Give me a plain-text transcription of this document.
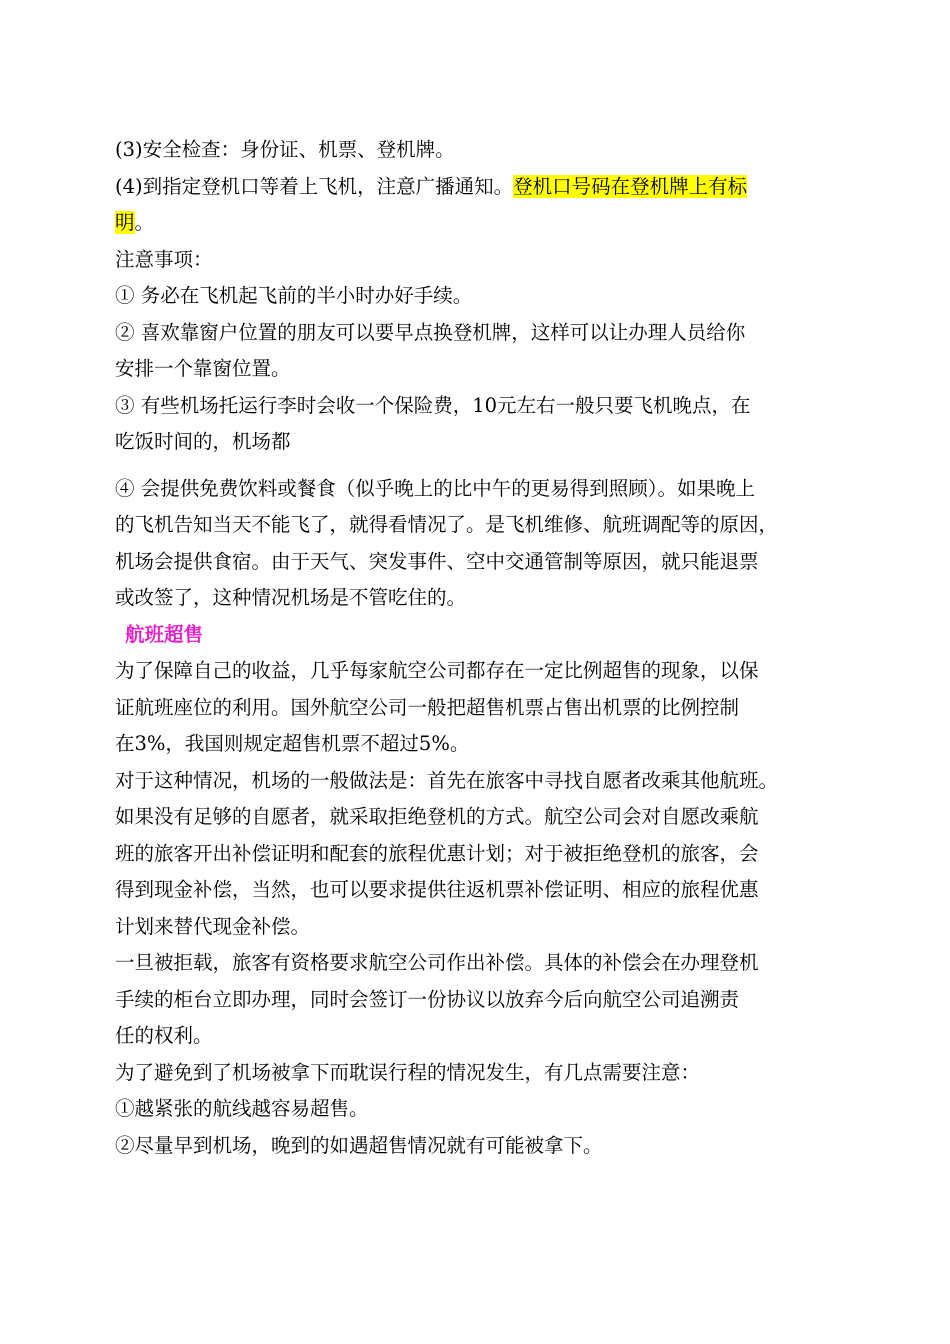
(3)安全检查：身份证、机票、登机牌。
(4)到指定登机口等着上飞机，注意广播通知。登机口号码在登机牌上有标
明。
注意事项：
① 务必在飞机起飞前的半小时办好手续。
② 喜欢靠窗户位置的朋友可以要早点换登机牌，这样可以让办理人员给你
安排一个靠窗位置。
③ 有些机场托运行李时会收一个保险费，10元左右一般只要飞机晚点，在
吃饭时间的，机场都
④ 会提供免费饮料或餐食（似乎晚上的比中午的更易得到照顾）。如果晚上
的飞机告知当天不能飞了，就得看情况了。是飞机维修、航班调配等的原因，
机场会提供食宿。由于天气、突发事件、空中交通管制等原因，就只能退票
或改签了，这种情况机场是不管吃住的。
航班超售
为了保障自己的收益，几乎每家航空公司都存在一定比例超售的现象，以保
证航班座位的利用。国外航空公司一般把超售机票占售出机票的比例控制
在3%，我国则规定超售机票不超过5%。
对于这种情况，机场的一般做法是：首先在旅客中寻找自愿者改乘其他航班。
如果没有足够的自愿者，就采取拒绝登机的方式。航空公司会对自愿改乘航
班的旅客开出补偿证明和配套的旅程优惠计划；对于被拒绝登机的旅客，会
得到现金补偿，当然，也可以要求提供往返机票补偿证明、相应的旅程优惠
计划来替代现金补偿。
一旦被拒载，旅客有资格要求航空公司作出补偿。具体的补偿会在办理登机
手续的柜台立即办理，同时会签订一份协议以放弃今后向航空公司追溯责
任的权利。
为了避免到了机场被拿下而耽误行程的情况发生，有几点需要注意：
①越紧张的航线越容易超售。
②尽量早到机场，晚到的如遇超售情况就有可能被拿下。
